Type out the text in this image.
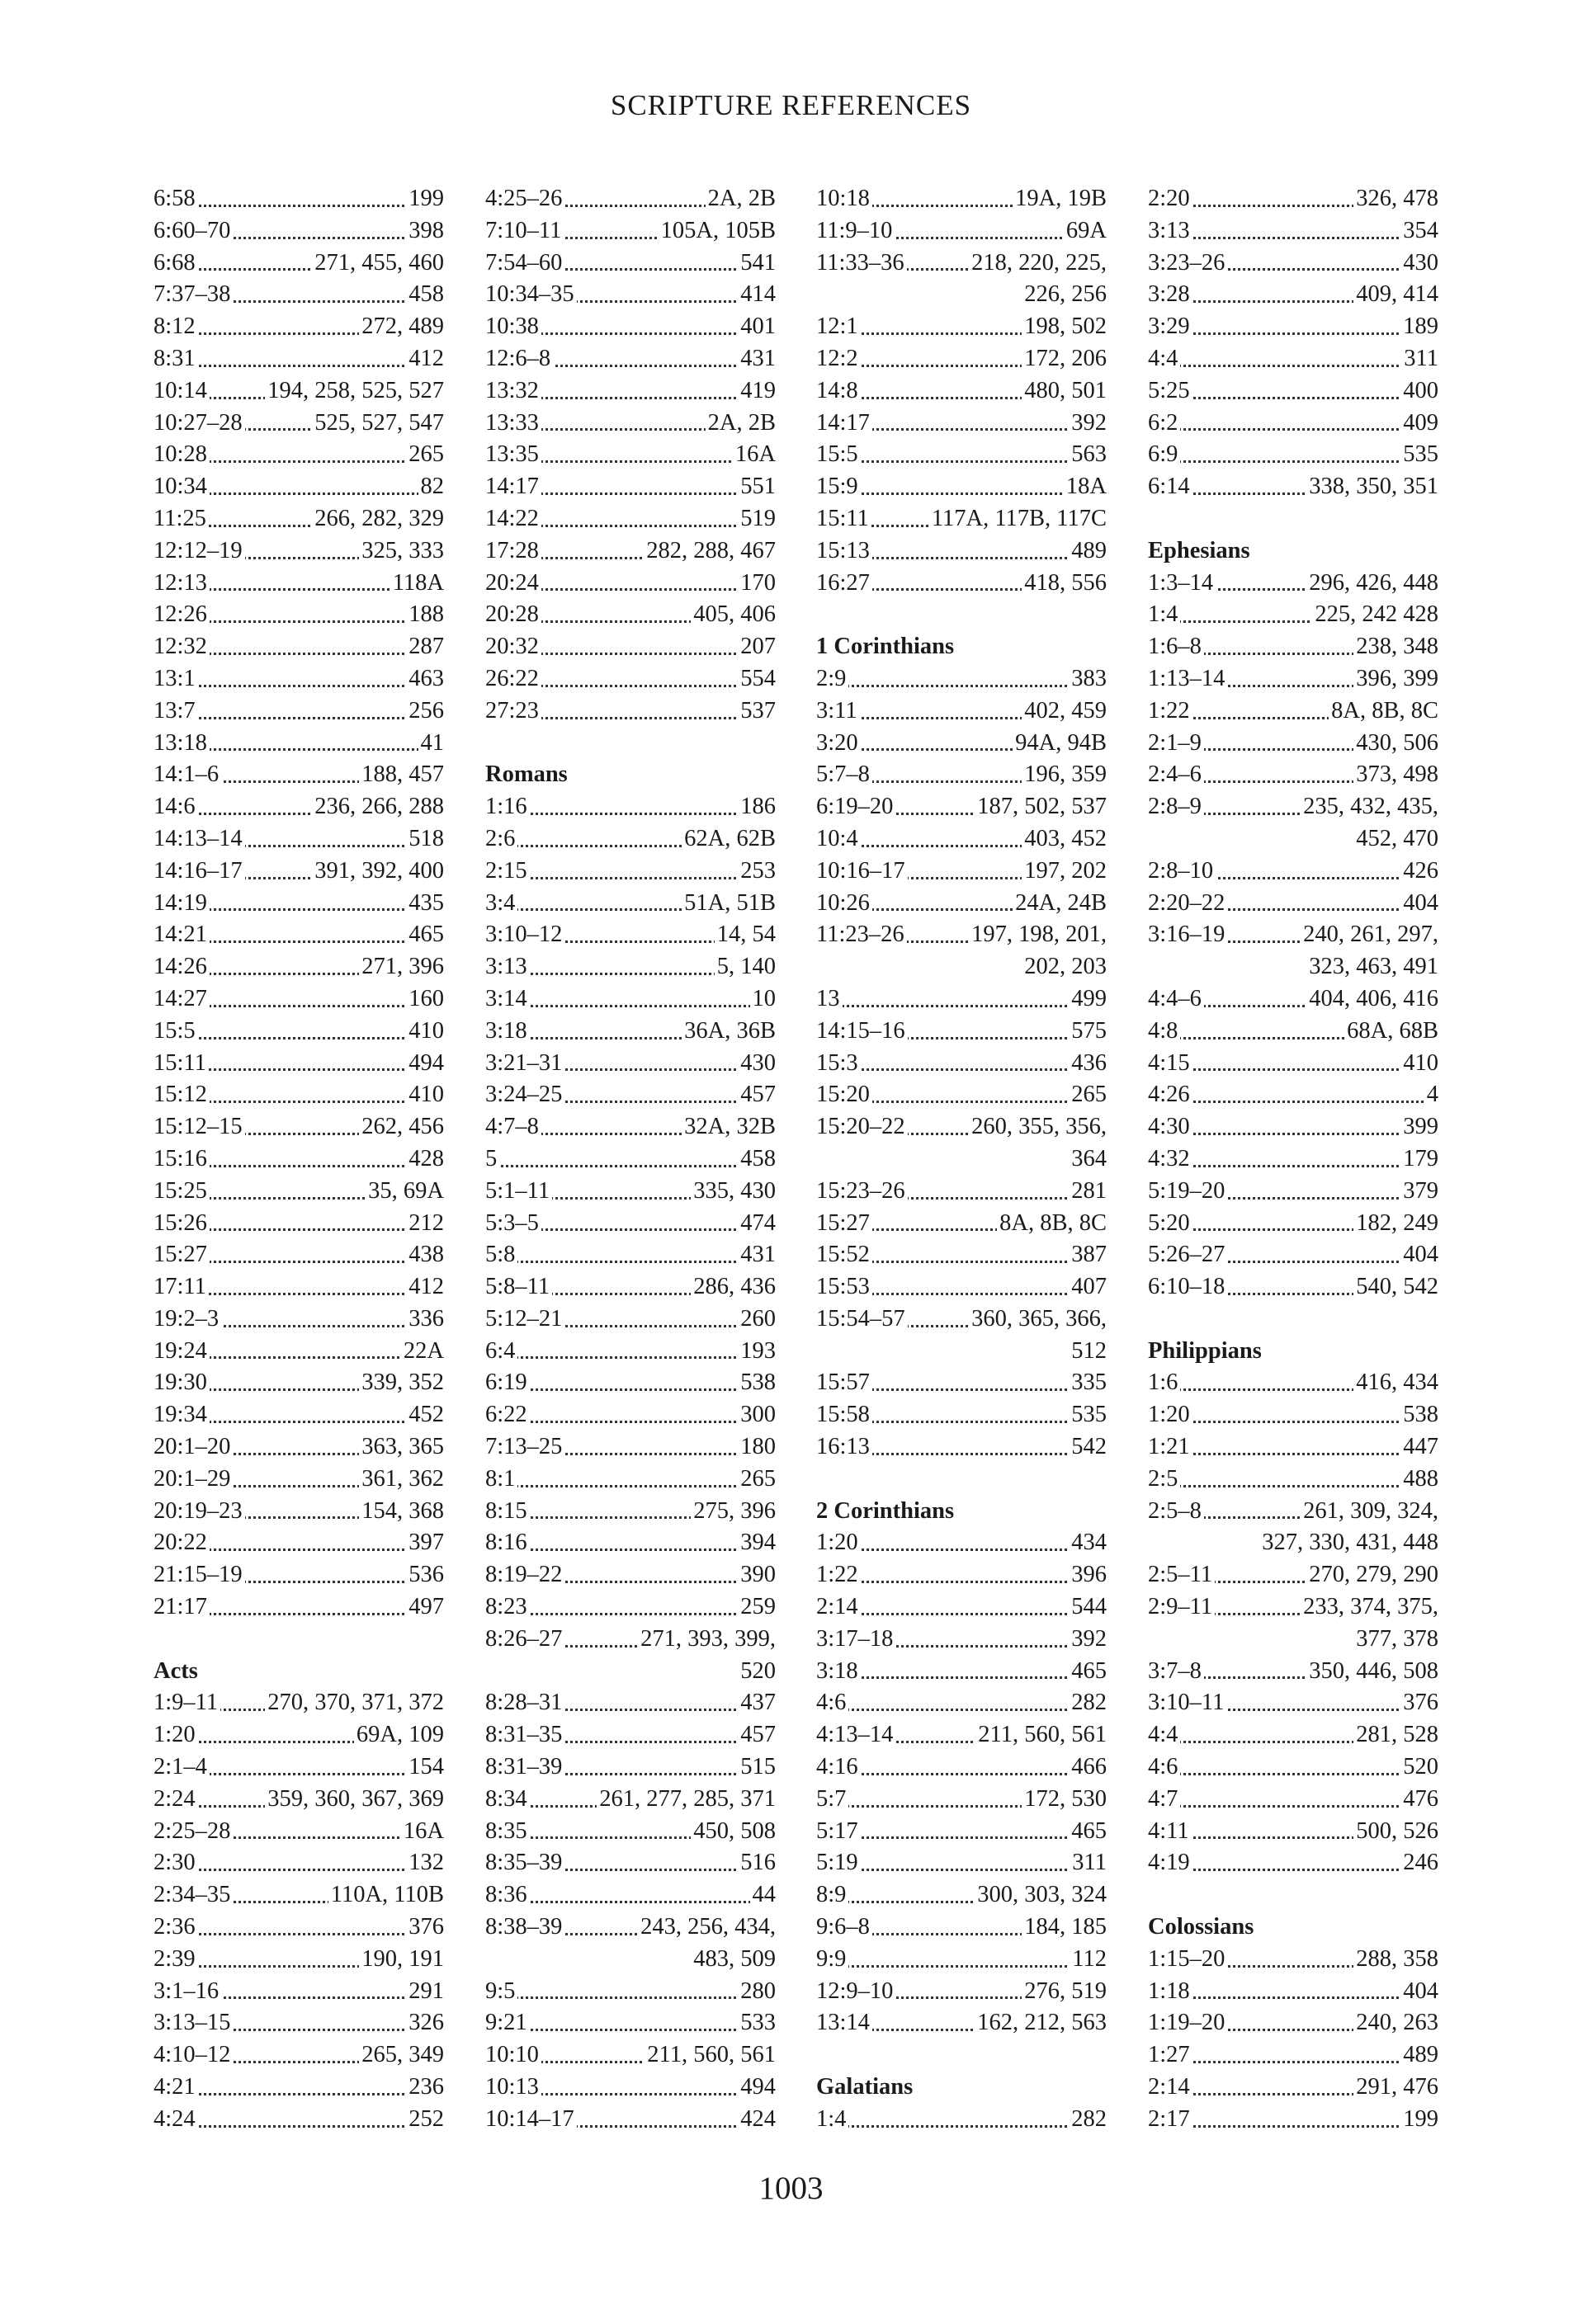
SCRIPTURE REFERENCES
6:58	199
6:60–70	398
6:68	271, 455, 460
7:37–38	458
8:12	272, 489
8:31	412
10:14	194, 258, 525, 527
10:27–28	525, 527, 547
10:28	265
10:34	82
11:25	266, 282, 329
12:12–19	325, 333
12:13	118A
12:26	188
12:32	287
13:1	463
13:7	256
13:18	41
14:1–6	188, 457
14:6	236, 266, 288
14:13–14	518
14:16–17	391, 392, 400
14:19	435
14:21	465
14:26	271, 396
14:27	160
15:5	410
15:11	494
15:12	410
15:12–15	262, 456
15:16	428
15:25	35, 69A
15:26	212
15:27	438
17:11	412
19:2–3	336
19:24	22A
19:30	339, 352
19:34	452
20:1–20	363, 365
20:1–29	361, 362
20:19–23	154, 368
20:22	397
21:15–19	536
21:17	497
Acts
1:9–11 270, 370, 371, 372
1:20	69A, 109
2:1–4	154
2:24	359, 360, 367, 369
2:25–28	16A
2:30	132
2:34–35	110A, 110B
2:36	376
2:39	190, 191
3:1–16	291
3:13–15	326
4:10–12	265, 349
4:21	236
4:24	252
4:25–26	2A, 2B
7:10–11	105A, 105B
7:54–60	541
10:34–35	414
10:38	401
12:6–8	431
13:32	419
13:33	2A, 2B
13:35	16A
14:17	551
14:22	519
17:28	282, 288, 467
20:24	170
20:28	405, 406
20:32	207
26:22	554
27:23	537
Romans
1:16	186
2:6	62A, 62B
2:15	253
3:4	51A, 51B
3:10–12	14, 54
3:13	5, 140
3:14	10
3:18	36A, 36B
3:21–31	430
3:24–25	457
4:7–8	32A, 32B
5	458
5:1–11	335, 430
5:3–5	474
5:8	431
5:8–11	286, 436
5:12–21	260
6:4	193
6:19	538
6:22	300
7:13–25	180
8:1	265
8:15	275, 396
8:16	394
8:19–22	390
8:23	259
8:26–27	271, 393, 399,
520
8:28–31	437
8:31–35	457
8:31–39	515
8:34	261, 277, 285, 371
8:35	450, 508
8:35–39	516
8:36	44
8:38–39	243, 256, 434,
483, 509
9:5	280
9:21	533
10:10	211, 560, 561
10:13	494
10:14–17	424
10:18	19A, 19B
11:9–10	69A
11:33–36	218, 220, 225,
226, 256
12:1	198, 502
12:2	172, 206
14:8	480, 501
14:17	392
15:5	563
15:9	18A
15:11	117A, 117B, 117C
15:13	489
16:27	418, 556
1 Corinthians
2:9	383
3:11	402, 459
3:20	94A, 94B
5:7–8	196, 359
6:19–20	187, 502, 537
10:4	403, 452
10:16–17	197, 202
10:26	24A, 24B
11:23–26	197, 198, 201,
202, 203
13	499
14:15–16	575
15:3	436
15:20	265
15:20–22	260, 355, 356,
364
15:23–26	281
15:27	8A, 8B, 8C
15:52	387
15:53	407
15:54–57	360, 365, 366,
512
15:57	335
15:58	535
16:13	542
2 Corinthians
1:20	434
1:22	396
2:14	544
3:17–18	392
3:18	465
4:6	282
4:13–14	211, 560, 561
4:16	466
5:7	172, 530
5:17	465
5:19	311
8:9	300, 303, 324
9:6–8	184, 185
9:9	112
12:9–10	276, 519
13:14	162, 212, 563
Galatians
1:4	282
2:20	326, 478
3:13	354
3:23–26	430
3:28	409, 414
3:29	189
4:4	311
5:25	400
6:2	409
6:9	535
6:14	338, 350, 351
Ephesians
1:3–14	296, 426, 448
1:4	225, 242 428
1:6–8	238, 348
1:13–14	396, 399
1:22	8A, 8B, 8C
2:1–9	430, 506
2:4–6	373, 498
2:8–9	235, 432, 435,
452, 470
2:8–10	426
2:20–22	404
3:16–19	240, 261, 297,
323, 463, 491
4:4–6	404, 406, 416
4:8	68A, 68B
4:15	410
4:26	4
4:30	399
4:32	179
5:19–20	379
5:20	182, 249
5:26–27	404
6:10–18	540, 542
Philippians
1:6	416, 434
1:20	538
1:21	447
2:5	488
2:5–8	261, 309, 324,
327, 330, 431, 448
2:5–11	270, 279, 290
2:9–11	233, 374, 375,
377, 378
3:7–8	350, 446, 508
3:10–11	376
4:4	281, 528
4:6	520
4:7	476
4:11	500, 526
4:19	246
Colossians
1:15–20	288, 358
1:18	404
1:19–20	240, 263
1:27	489
2:14	291, 476
2:17	199
1003
